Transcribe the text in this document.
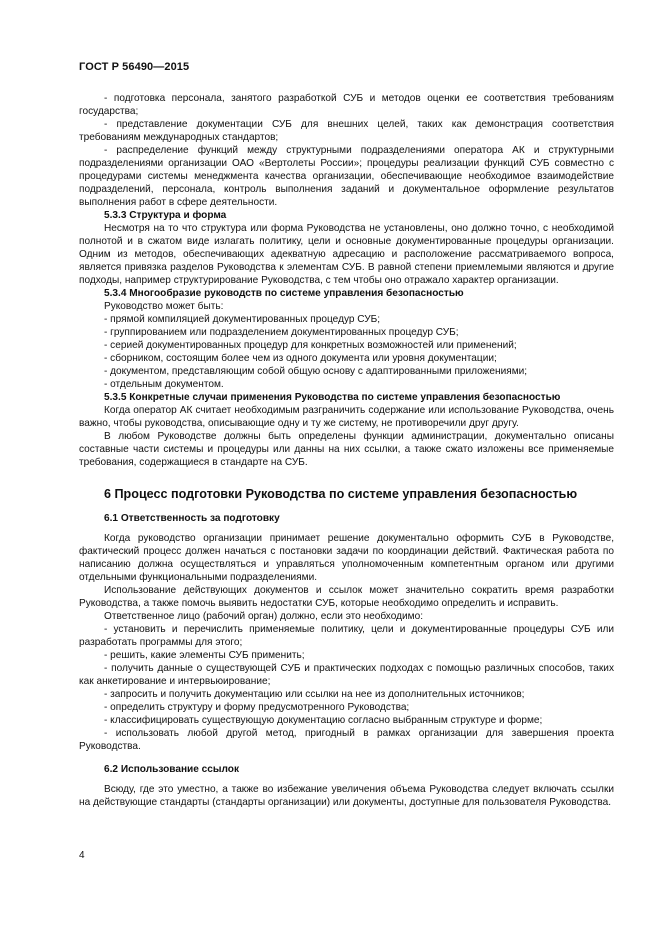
ГОСТ Р 56490—2015

- подготовка персонала, занятого разработкой СУБ и методов оценки ее соответствия требованиям государства;

- представление документации СУБ для внешних целей, таких как демонстрация соответствия требованиям международных стандартов;

- распределение функций между структурными подразделениями оператора АК и структурными подразделениями организации ОАО «Вертолеты России»; процедуры реализации функций СУБ совместно с процедурами системы менеджмента качества организации, обеспечивающие необходимое взаимодействие подразделений, персонала, контроль выполнения заданий и документальное оформление результатов выполнения работ в сфере деятельности.

5.3.3 Структура и форма

Несмотря на то что структура или форма Руководства не установлены, оно должно точно, с необходимой полнотой и в сжатом виде излагать политику, цели и основные документированные процедуры организации. Одним из методов, обеспечивающих адекватную адресацию и расположение рассматриваемого вопроса, является привязка разделов Руководства к элементам СУБ. В равной степени приемлемыми являются и другие подходы, например структурирование Руководства, с тем чтобы оно отражало характер организации.

5.3.4 Многообразие руководств по системе управления безопасностью

Руководство может быть:

- прямой компиляцией документированных процедур СУБ;

- группированием или подразделением документированных процедур СУБ;

- серией документированных процедур для конкретных возможностей или применений;

- сборником, состоящим более чем из одного документа или уровня документации;

- документом, представляющим собой общую основу с адаптированными приложениями;

- отдельным документом.

5.3.5 Конкретные случаи применения Руководства по системе управления безопасностью

Когда оператор АК считает необходимым разграничить содержание или использование Руководства, очень важно, чтобы руководства, описывающие одну и ту же систему, не противоречили друг другу.

В любом Руководстве должны быть определены функции администрации, документально описаны составные части системы и процедуры или данны на них ссылки, а также сжато изложены все применяемые требования, содержащиеся в стандарте на СУБ.

6 Процесс подготовки Руководства по системе управления безопасностью
6.1 Ответственность за подготовку

Когда руководство организации принимает решение документально оформить СУБ в Руководстве, фактический процесс должен начаться с постановки задачи по координации действий. Фактическая работа по написанию должна осуществляться и управляться уполномоченным компетентным органом или другими отдельными функциональными подразделениями.

Использование действующих документов и ссылок может значительно сократить время разработки Руководства, а также помочь выявить недостатки СУБ, которые необходимо определить и исправить.

Ответственное лицо (рабочий орган) должно, если это необходимо:

- установить и перечислить применяемые политику, цели и документированные процедуры СУБ или разработать программы для этого;

- решить, какие элементы СУБ применить;

- получить данные о существующей СУБ и практических подходах с помощью различных способов, таких как анкетирование и интервьюирование;

- запросить и получить документацию или ссылки на нее из дополнительных источников;

- определить структуру и форму предусмотренного Руководства;

- классифицировать существующую документацию согласно выбранным структуре и форме;

- использовать любой другой метод, пригодный в рамках организации для завершения проекта Руководства.

6.2 Использование ссылок

Всюду, где это уместно, а также во избежание увеличения объема Руководства следует включать ссылки на действующие стандарты (стандарты организации) или документы, доступные для пользователя Руководства.

4
